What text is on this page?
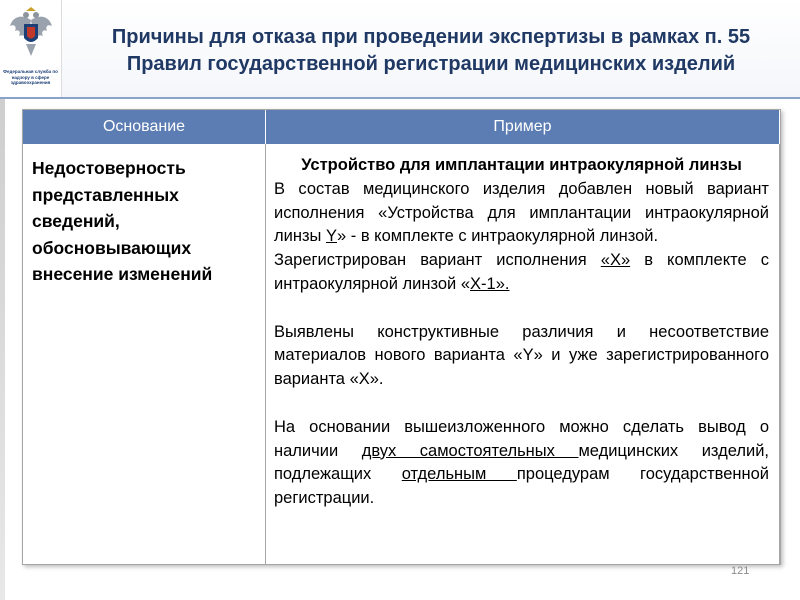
Федеральная служба по надзору в сфере здравоохранения
Причины для отказа при проведении экспертизы в рамках п. 55
Правил государственной регистрации медицинских изделий
Основание	Пример
Недостоверность представленных сведений, обосновывающих внесение изменений	Устройство для имплантации интраокулярной линзы
В состав медицинского изделия добавлен новый вариант исполнения «Устройства для имплантации интраокулярной линзы Y» - в комплекте с интраокулярной линзой.
Зарегистрирован вариант исполнения «Х» в комплекте с интраокулярной линзой «Х-1».
Выявлены конструктивные различия и несоответствие материалов нового варианта «Y» и уже зарегистрированного варианта «Х».
На основании вышеизложенного можно сделать вывод о наличии двух самостоятельных медицинских изделий, подлежащих отдельным процедурам государственной регистрации.
121
